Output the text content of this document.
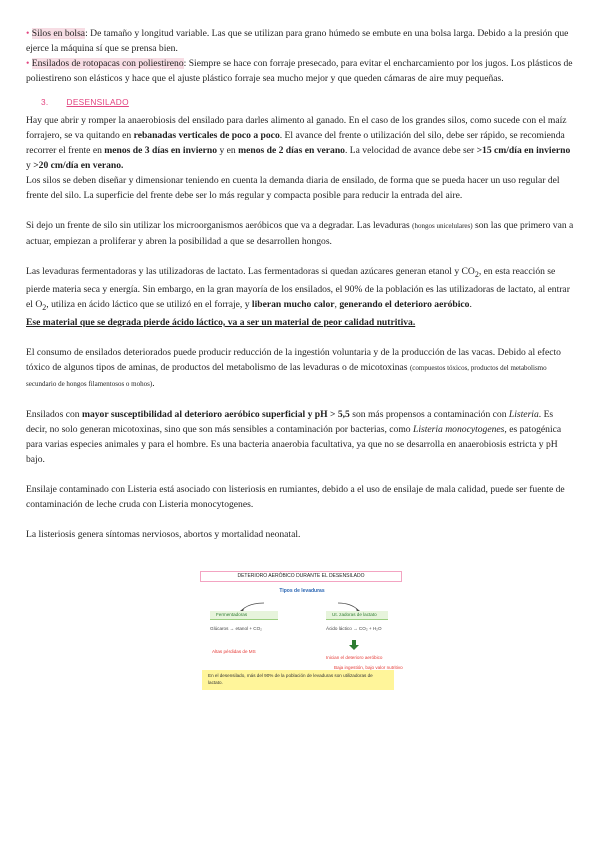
• Silos en bolsa: De tamaño y longitud variable. Las que se utilizan para grano húmedo se embute en una bolsa larga. Debido a la presión que ejerce la máquina sí que se prensa bien.

• Ensilados de rotopacas con poliestireno: Siempre se hace con forraje presecado, para evitar el encharcamiento por los jugos. Los plásticos de poliestireno son elásticos y hace que el ajuste plástico forraje sea mucho mejor y que queden cámaras de aire muy pequeñas.

3. DESENSILADO

Hay que abrir y romper la anaerobiosis del ensilado para darles alimento al ganado. En el caso de los grandes silos, como sucede con el maíz forrajero, se va quitando en rebanadas verticales de poco a poco. El avance del frente o utilización del silo, debe ser rápido, se recomienda recorrer el frente en menos de 3 días en invierno y en menos de 2 días en verano. La velocidad de avance debe ser >15 cm/día en invierno y >20 cm/día en verano.

Los silos se deben diseñar y dimensionar teniendo en cuenta la demanda diaria de ensilado, de forma que se pueda hacer un uso regular del frente del silo. La superficie del frente debe ser lo más regular y compacta posible para reducir la entrada del aire.

Si dejo un frente de silo sin utilizar los microorganismos aeróbicos que va a degradar. Las levaduras (hongos unicelulares) son las que primero van a actuar, empiezan a proliferar y abren la posibilidad a que se desarrollen hongos.

Las levaduras fermentadoras y las utilizadoras de lactato. Las fermentadoras si quedan azúcares generan etanol y $CO_2$, en esta reacción se pierde materia seca y energía. Sin embargo, en la gran mayoría de los ensilados, el 90% de la población es las utilizadoras de lactato, al entrar el $O_2$, utiliza en ácido láctico que se utilizó en el forraje, y liberan mucho calor, generando el deterioro aeróbico.

Ese material que se degrada pierde ácido láctico, va a ser un material de peor calidad nutritiva.

El consumo de ensilados deteriorados puede producir reducción de la ingestión voluntaria y de la producción de las vacas. Debido al efecto tóxico de algunos tipos de aminas, de productos del metabolismo de las levaduras o de micotoxinas (compuestos tóxicos, productos del metabolismo secundario de hongos filamentosos o mohos).

Ensilados con mayor susceptibilidad al deterioro aeróbico superficial y pH > 5,5 son más propensos a contaminación con Listeria. Es decir, no solo generan micotoxinas, sino que son más sensibles a contaminación por bacterias, como Listeria monocytogenes, es patogénica para varias especies animales y para el hombre. Es una bacteria anaerobia facultativa, ya que no se desarrolla en anaerobiosis estricta y pH bajo.

Ensilaje contaminado con Listeria está asociado con listeriosis en rumiantes, debido a el uso de ensilaje de mala calidad, puede ser fuente de contaminación de leche cruda con Listeria monocytogenes.

La listeriosis genera síntomas nerviosos, abortos y mortalidad neonatal.

DETERIORO AERÓBICO DURANTE EL DESENSILADO
Tipos de levaduras
Fermentadoras	Ut. zadoras de lactato
Glúcaros → etanol + CO₂	Ácido láctico → CO₂ + H₂O
Altas pérdidas de MS
Inician el deterioro aeróbico
Baja ingestión, bajo valor nutritivo
En el desensilado, más del 90% de la población de levaduras son utilizadoras de lactato.
